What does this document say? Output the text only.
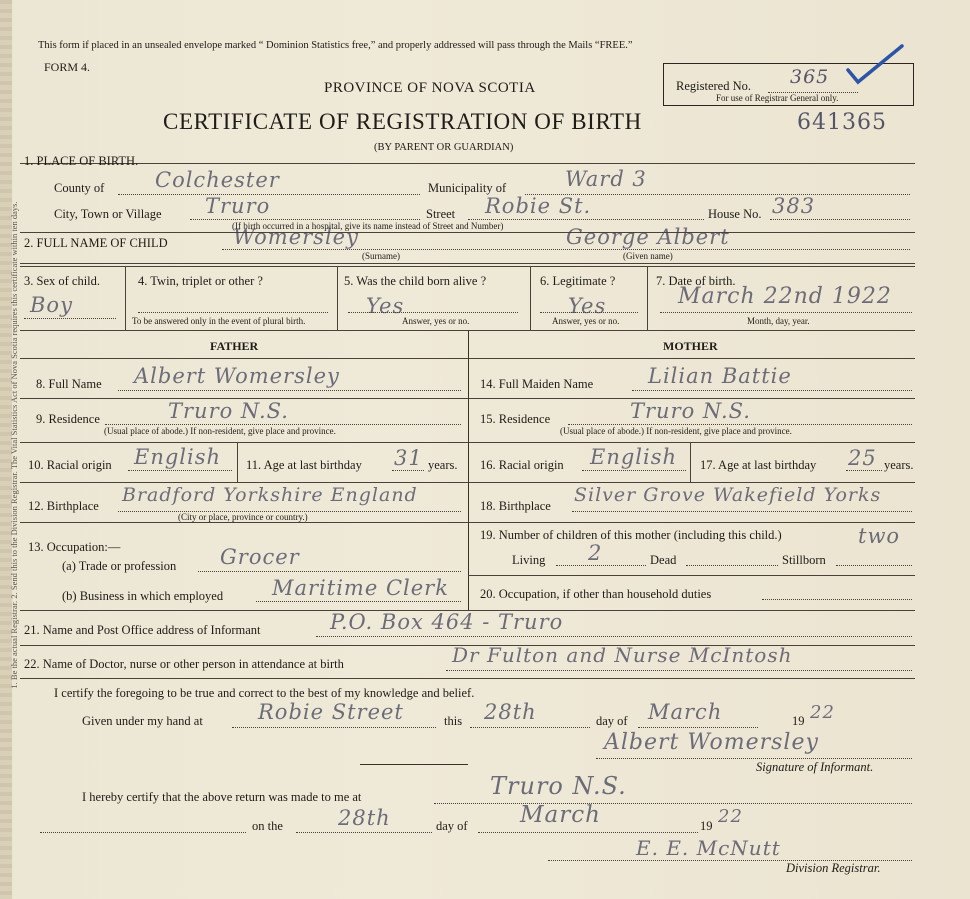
1. Be the actual Registrar. 2. Send this to the Division Registrar. The Vital Statistics Act of Nova Scotia requires this certificate within ten days.
This form if placed in an unsealed envelope marked “ Dominion Statistics free,” and properly addressed will pass through the Mails “FREE.”
FORM 4.
PROVINCE OF NOVA SCOTIA
CERTIFICATE OF REGISTRATION OF BIRTH
(BY PARENT OR GUARDIAN)
Registered No. 365
For use of Registrar General only.
641365
1. PLACE OF BIRTH.
County of Colchester	Municipality of	Ward 3
City, Town or Village Truro	Street Robie St.	House No. 383
(If birth occurred in a hospital, give its name instead of Street and Number)
2. FULL NAME OF CHILD	Womersley
(Surname)
George Albert
(Given name)
3. Sex of child.
Boy
4. Twin, triplet or other ?
To be answered only in the event of plural birth.
5. Was the child born alive ?
Yes
Answer, yes or no.
6. Legitimate ?
Yes
Answer, yes or no.
7. Date of birth.
March 22nd 1922
Month, day, year.
FATHER	MOTHER
8. Full Name Albert Womersley	14. Full Maiden Name	Lilian Battie
9. Residence	Truro N.S.
(Usual place of abode.) If non-resident, give place and province.
15. Residence	Truro N.S.
(Usual place of abode.) If non-resident, give place and province.
10. Racial origin English 11. Age at last birthday 31 years. 16. Racial origin English 17. Age at last birthday 25 years.
12. Birthplace Bradford Yorkshire England
(City or place, province or country.)
18. Birthplace Silver Grove Wakefield Yorks
13. Occupation:—
(a) Trade or profession Grocer
(b) Business in which employed Maritime Clerk
19. Number of children of this mother (including this child.)	two
Living 2	Dead	Stillborn
20. Occupation, if other than household duties
21. Name and Post Office address of Informant	P.O. Box 464 - Truro
22. Name of Doctor, nurse or other person in attendance at birth	Dr Fulton and Nurse McIntosh
I certify the foregoing to be true and correct to the best of my knowledge and belief.
Given under my hand at	Robie Street	this 28th	day of March	19 22
Albert Womersley
Signature of Informant.
I hereby certify that the above return was made to me at	Truro N.S.
on the	28th	day of March	19 22
E. E. McNutt
Division Registrar.
